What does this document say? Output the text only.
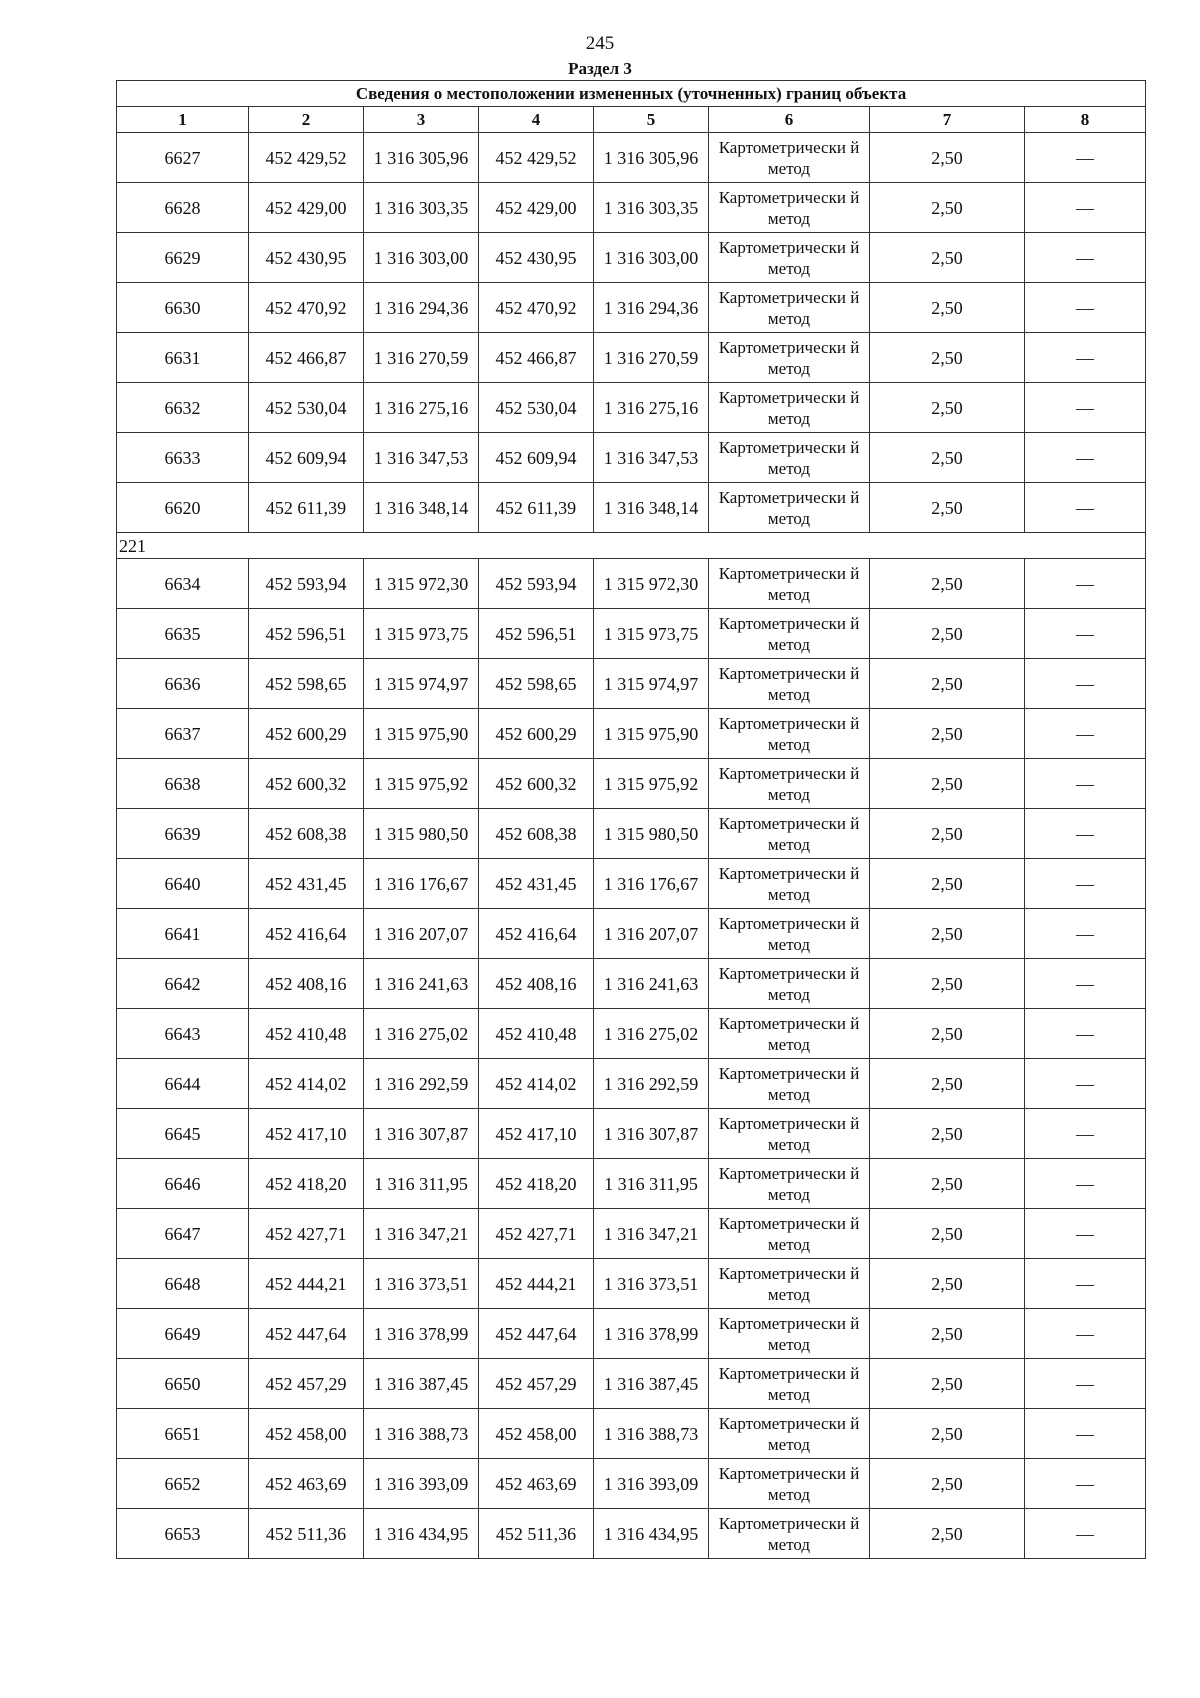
245
Раздел 3
Сведения о местоположении измененных (уточненных) границ объекта							
1	2	3	4	5	6	7	8
6627	452 429,52	1 316 305,96	452 429,52	1 316 305,96	Картометрически й метод	2,50	—
6628	452 429,00	1 316 303,35	452 429,00	1 316 303,35	Картометрически й метод	2,50	—
6629	452 430,95	1 316 303,00	452 430,95	1 316 303,00	Картометрически й метод	2,50	—
6630	452 470,92	1 316 294,36	452 470,92	1 316 294,36	Картометрически й метод	2,50	—
6631	452 466,87	1 316 270,59	452 466,87	1 316 270,59	Картометрически й метод	2,50	—
6632	452 530,04	1 316 275,16	452 530,04	1 316 275,16	Картометрически й метод	2,50	—
6633	452 609,94	1 316 347,53	452 609,94	1 316 347,53	Картометрически й метод	2,50	—
6620	452 611,39	1 316 348,14	452 611,39	1 316 348,14	Картометрически й метод	2,50	—
221							
6634	452 593,94	1 315 972,30	452 593,94	1 315 972,30	Картометрически й метод	2,50	—
6635	452 596,51	1 315 973,75	452 596,51	1 315 973,75	Картометрически й метод	2,50	—
6636	452 598,65	1 315 974,97	452 598,65	1 315 974,97	Картометрически й метод	2,50	—
6637	452 600,29	1 315 975,90	452 600,29	1 315 975,90	Картометрически й метод	2,50	—
6638	452 600,32	1 315 975,92	452 600,32	1 315 975,92	Картометрически й метод	2,50	—
6639	452 608,38	1 315 980,50	452 608,38	1 315 980,50	Картометрически й метод	2,50	—
6640	452 431,45	1 316 176,67	452 431,45	1 316 176,67	Картометрически й метод	2,50	—
6641	452 416,64	1 316 207,07	452 416,64	1 316 207,07	Картометрически й метод	2,50	—
6642	452 408,16	1 316 241,63	452 408,16	1 316 241,63	Картометрически й метод	2,50	—
6643	452 410,48	1 316 275,02	452 410,48	1 316 275,02	Картометрически й метод	2,50	—
6644	452 414,02	1 316 292,59	452 414,02	1 316 292,59	Картометрически й метод	2,50	—
6645	452 417,10	1 316 307,87	452 417,10	1 316 307,87	Картометрически й метод	2,50	—
6646	452 418,20	1 316 311,95	452 418,20	1 316 311,95	Картометрически й метод	2,50	—
6647	452 427,71	1 316 347,21	452 427,71	1 316 347,21	Картометрически й метод	2,50	—
6648	452 444,21	1 316 373,51	452 444,21	1 316 373,51	Картометрически й метод	2,50	—
6649	452 447,64	1 316 378,99	452 447,64	1 316 378,99	Картометрически й метод	2,50	—
6650	452 457,29	1 316 387,45	452 457,29	1 316 387,45	Картометрически й метод	2,50	—
6651	452 458,00	1 316 388,73	452 458,00	1 316 388,73	Картометрически й метод	2,50	—
6652	452 463,69	1 316 393,09	452 463,69	1 316 393,09	Картометрически й метод	2,50	—
6653	452 511,36	1 316 434,95	452 511,36	1 316 434,95	Картометрически й метод	2,50	—
